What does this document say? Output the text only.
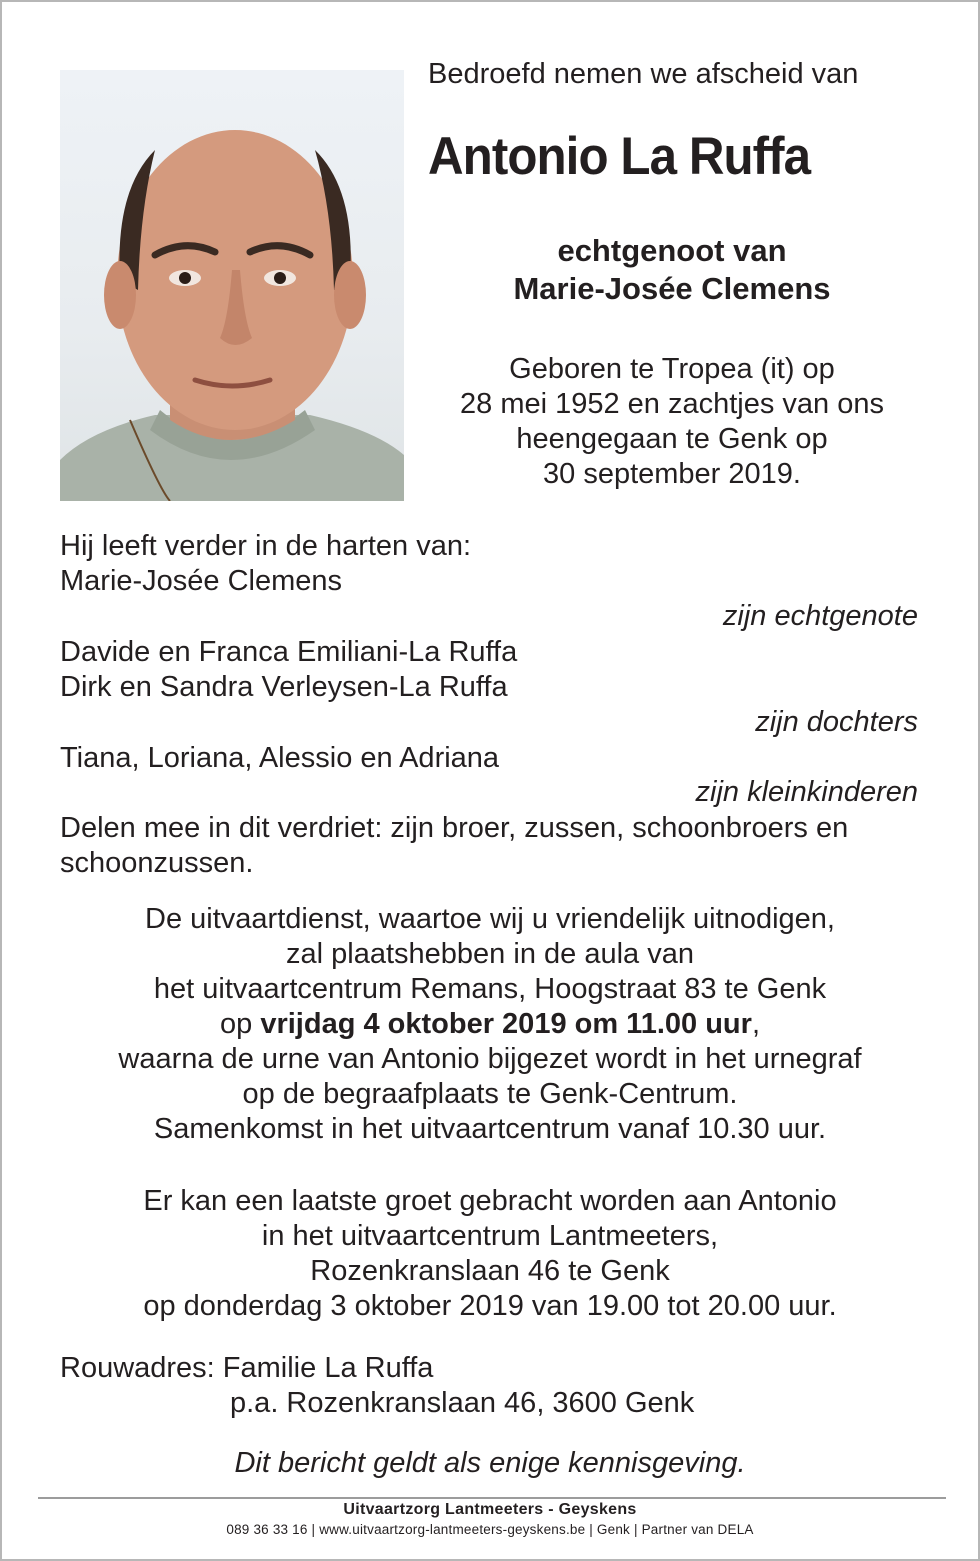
Bedroefd nemen we afscheid van
Antonio La Ruffa
echtgenoot van
Marie-Josée Clemens
Geboren te Tropea (it) op
28 mei 1952 en zachtjes van ons
heengegaan te Genk op
30 september 2019.
Hij leeft verder in de harten van:
Marie-Josée Clemens
zijn echtgenote
Davide en Franca Emiliani-La Ruffa
Dirk en Sandra Verleysen-La Ruffa
zijn dochters
Tiana, Loriana, Alessio en Adriana
zijn kleinkinderen
Delen mee in dit verdriet: zijn broer, zussen, schoonbroers en
schoonzussen.
De uitvaartdienst, waartoe wij u vriendelijk uitnodigen,
zal plaatshebben in de aula van
het uitvaartcentrum Remans, Hoogstraat 83 te Genk
op vrijdag 4 oktober 2019 om 11.00 uur,
waarna de urne van Antonio bijgezet wordt in het urnegraf
op de begraafplaats te Genk-Centrum.
Samenkomst in het uitvaartcentrum vanaf 10.30 uur.
Er kan een laatste groet gebracht worden aan Antonio
in het uitvaartcentrum Lantmeeters,
Rozenkranslaan 46 te Genk
op donderdag 3 oktober 2019 van 19.00 tot 20.00 uur.
Rouwadres: Familie La Ruffa
p.a. Rozenkranslaan 46, 3600 Genk
Dit bericht geldt als enige kennisgeving.
Uitvaartzorg Lantmeeters - Geyskens
089 36 33 16 | www.uitvaartzorg-lantmeeters-geyskens.be | Genk | Partner van DELA
